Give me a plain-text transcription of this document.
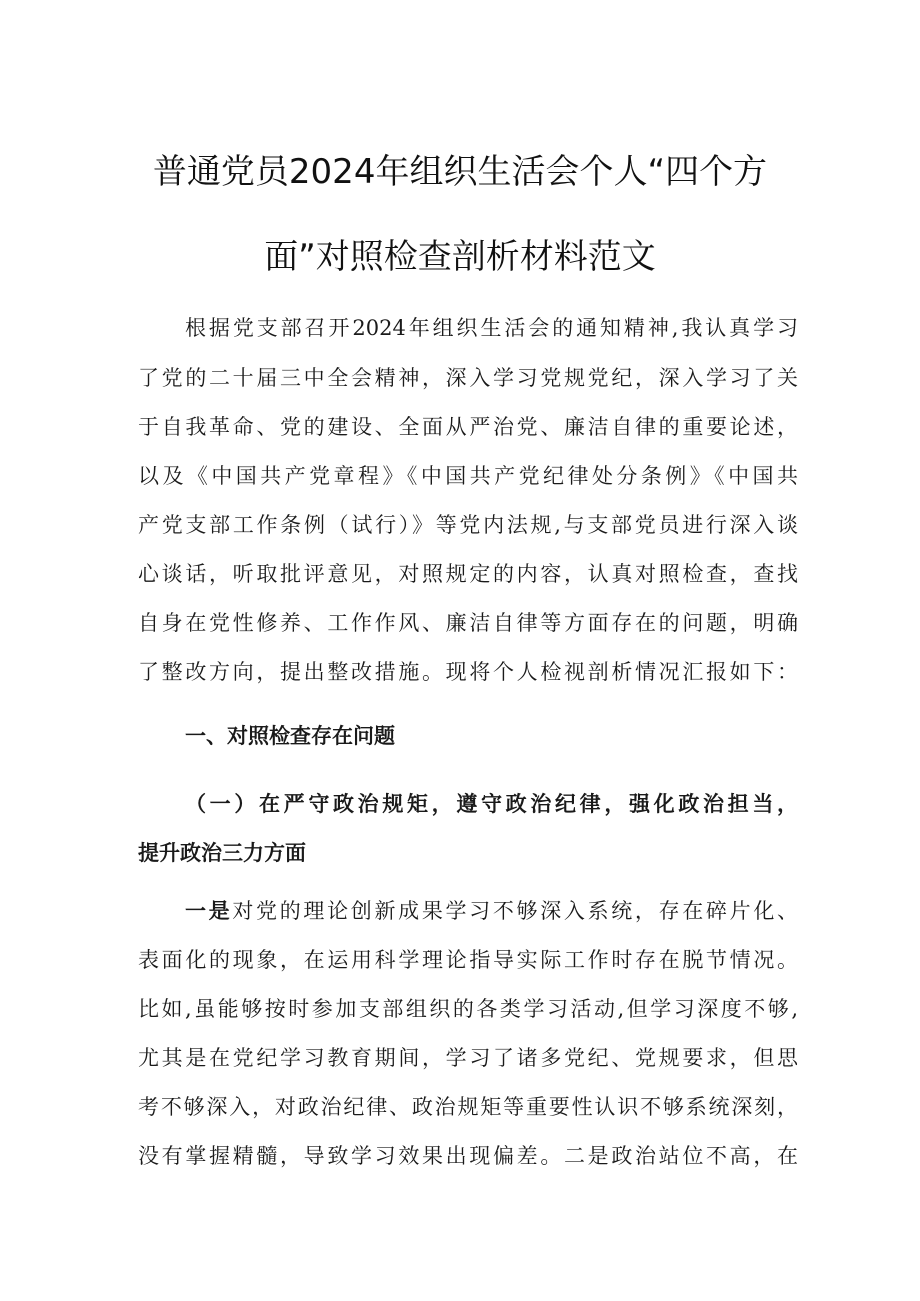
普通党员2024年组织生活会个人“四个方
面”对照检查剖析材料范文
根据党支部召开2024年组织生活会的通知精神,我认真学习
了党的二十届三中全会精神，深入学习党规党纪，深入学习了关
于自我革命、党的建设、全面从严治党、廉洁自律的重要论述，
以及《中国共产党章程》《中国共产党纪律处分条例》《中国共
产党支部工作条例（试行）》等党内法规,与支部党员进行深入谈
心谈话，听取批评意见，对照规定的内容，认真对照检查，查找
自身在党性修养、工作作风、廉洁自律等方面存在的问题，明确
了整改方向，提出整改措施。现将个人检视剖析情况汇报如下：
一、对照检查存在问题
（一）在严守政治规矩，遵守政治纪律，强化政治担当，
提升政治三力方面
一是对党的理论创新成果学习不够深入系统，存在碎片化、
表面化的现象，在运用科学理论指导实际工作时存在脱节情况。
比如,虽能够按时参加支部组织的各类学习活动,但学习深度不够,
尤其是在党纪学习教育期间，学习了诸多党纪、党规要求，但思
考不够深入，对政治纪律、政治规矩等重要性认识不够系统深刻，
没有掌握精髓，导致学习效果出现偏差。二是政治站位不高，在
